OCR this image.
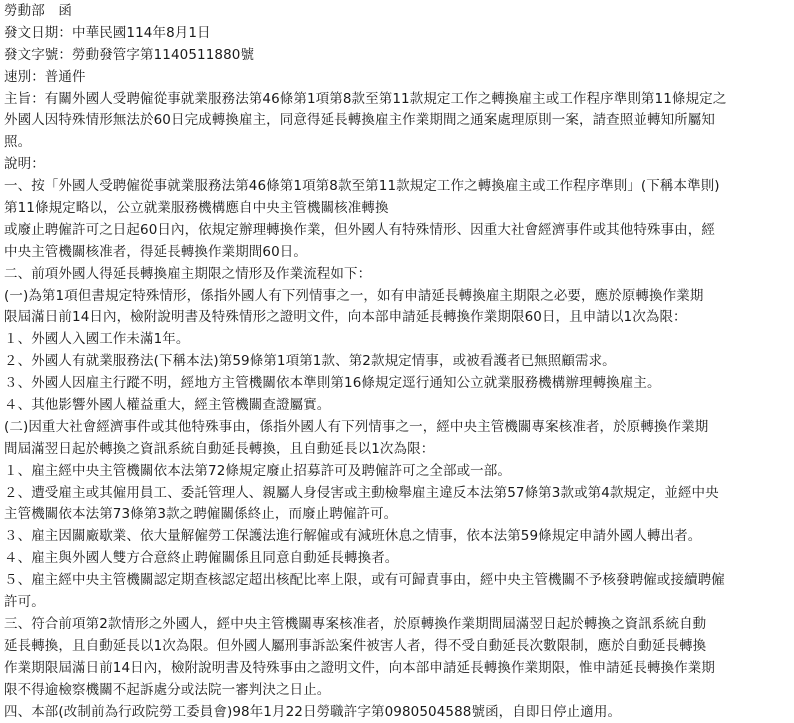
勞動部　函
發文日期：中華民國114年8月1日
發文字號：勞動發管字第1140511880號
速別：普通件
主旨：有關外國人受聘僱從事就業服務法第46條第1項第8款至第11款規定工作之轉換雇主或工作程序準則第11條規定之
外國人因特殊情形無法於60日完成轉換雇主，同意得延長轉換雇主作業期間之通案處理原則一案，請查照並轉知所屬知
照。
說明：
一、按「外國人受聘僱從事就業服務法第46條第1項第8款至第11款規定工作之轉換雇主或工作程序準則」(下稱本準則)
第11條規定略以，公立就業服務機構應自中央主管機關核准轉換
或廢止聘僱許可之日起60日內，依規定辦理轉換作業，但外國人有特殊情形、因重大社會經濟事件或其他特殊事由，經
中央主管機關核准者，得延長轉換作業期間60日。
二、前項外國人得延長轉換雇主期限之情形及作業流程如下：
(一)為第1項但書規定特殊情形，係指外國人有下列情事之一，如有申請延長轉換雇主期限之必要，應於原轉換作業期
限屆滿日前14日內，檢附說明書及特殊情形之證明文件，向本部申請延長轉換作業期限60日，且申請以1次為限：
１、外國人入國工作未滿1年。
２、外國人有就業服務法(下稱本法)第59條第1項第1款、第2款規定情事，或被看護者已無照顧需求。
３、外國人因雇主行蹤不明，經地方主管機關依本準則第16條規定逕行通知公立就業服務機構辦理轉換雇主。
４、其他影響外國人權益重大，經主管機關查證屬實。
(二)因重大社會經濟事件或其他特殊事由，係指外國人有下列情事之一，經中央主管機關專案核准者，於原轉換作業期
間屆滿翌日起於轉換之資訊系統自動延長轉換，且自動延長以1次為限：
１、雇主經中央主管機關依本法第72條規定廢止招募許可及聘僱許可之全部或一部。
２、遭受雇主或其僱用員工、委託管理人、親屬人身侵害或主動檢舉雇主違反本法第57條第3款或第4款規定，並經中央
主管機關依本法第73條第3款之聘僱關係終止，而廢止聘僱許可。
３、雇主因關廠歇業、依大量解僱勞工保護法進行解僱或有減班休息之情事，依本法第59條規定申請外國人轉出者。
４、雇主與外國人雙方合意終止聘僱關係且同意自動延長轉換者。
５、雇主經中央主管機關認定期查核認定超出核配比率上限，或有可歸責事由，經中央主管機關不予核發聘僱或接續聘僱
許可。
三、符合前項第2款情形之外國人，經中央主管機關專案核准者，於原轉換作業期間屆滿翌日起於轉換之資訊系統自動
延長轉換，且自動延長以1次為限。但外國人屬刑事訴訟案件被害人者，得不受自動延長次數限制，應於自動延長轉換
作業期限屆滿日前14日內，檢附說明書及特殊事由之證明文件，向本部申請延長轉換作業期限，惟申請延長轉換作業期
限不得逾檢察機關不起訴處分或法院一審判決之日止。
四、本部(改制前為行政院勞工委員會)98年1月22日勞職許字第0980504588號函，自即日停止適用。
